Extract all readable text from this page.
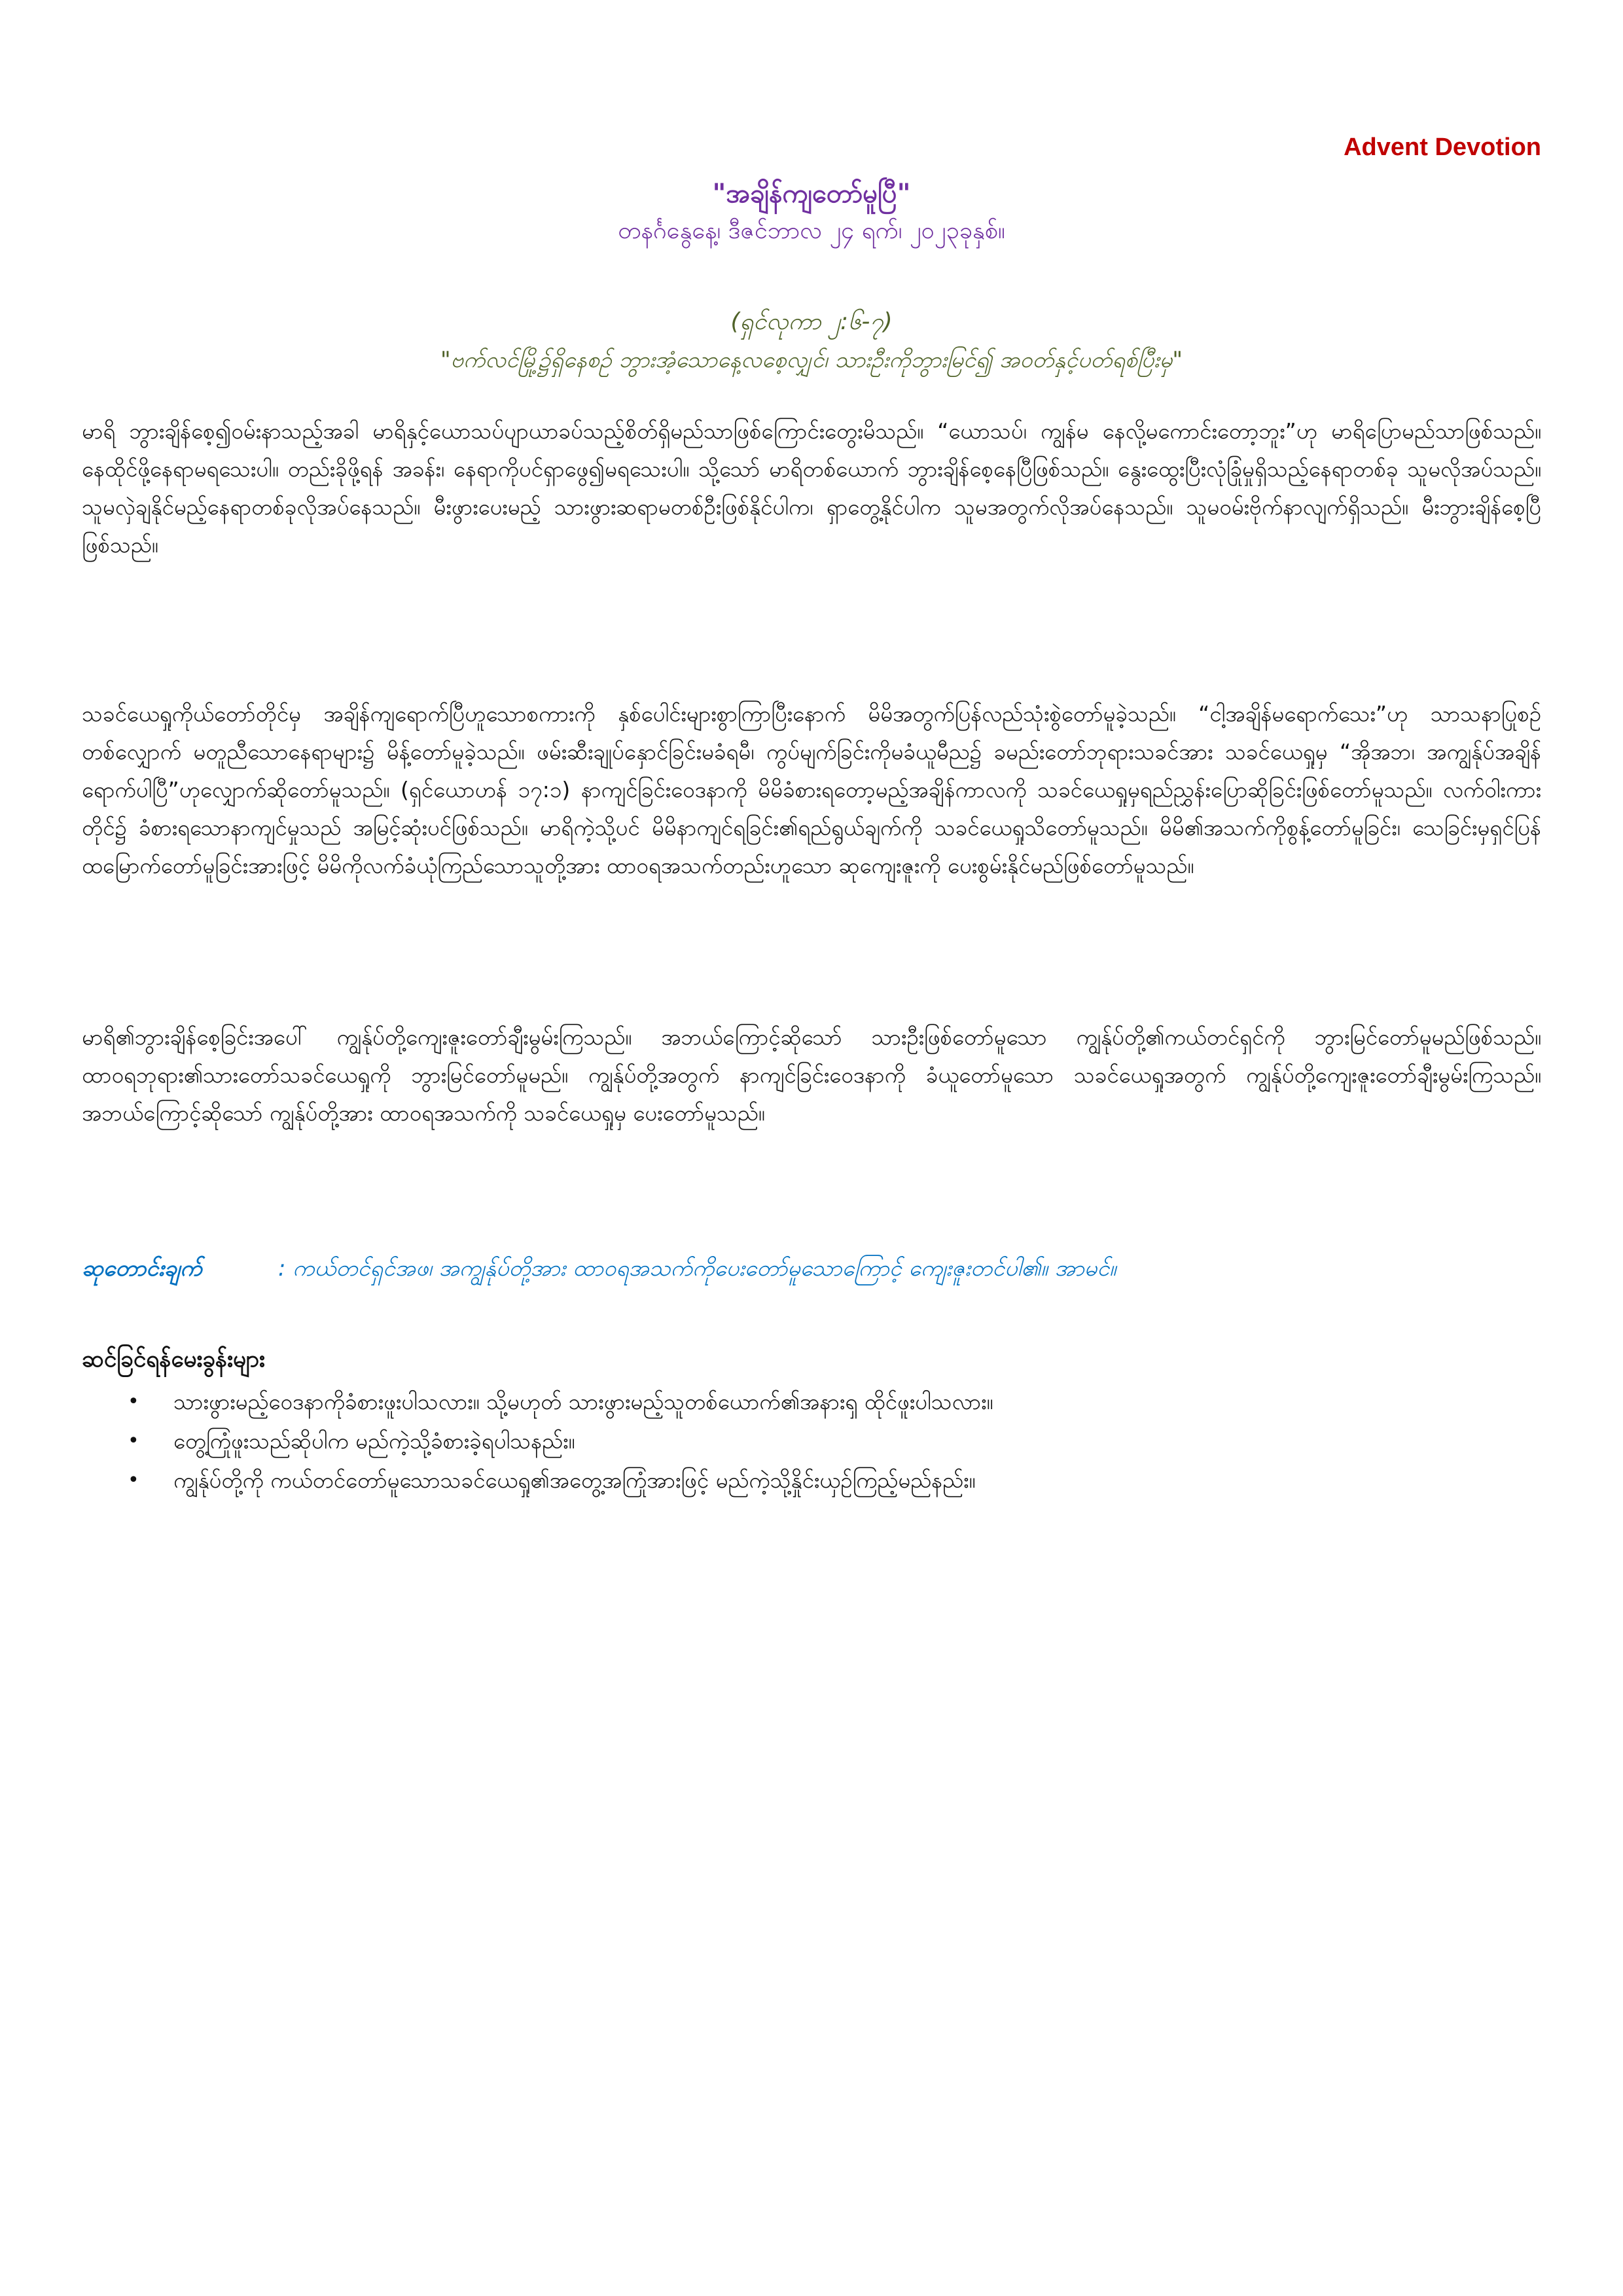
Advent Devotion
"အချိန်ကျတော်မူပြီ"
တနင်္ဂနွေနေ့၊ ဒီဇင်ဘာလ ၂၄ ရက်၊ ၂၀၂၃ခုနှစ်။
(ရှင်လုကာ ၂:၆-၇)
"ဗက်လင်မြို့၌ရှိနေစဉ် ဘွားအံ့သောနေ့လစေ့လျှင်၊ သားဦးကိုဘွားမြင်၍ အဝတ်နှင့်ပတ်ရစ်ပြီးမှ"

မာရိ ဘွားချိန်စေ့၍ဝမ်းနာသည့်အခါ မာရိနှင့်ယောသပ်ပျာယာခပ်သည့်စိတ်ရှိမည်သာဖြစ်ကြောင်းတွေးမိသည်။ “ယောသပ်၊ ကျွန်မ နေလို့မကောင်းတော့ဘူး”ဟု မာရိပြောမည်သာဖြစ်သည်။ နေထိုင်ဖို့နေရာမရသေးပါ။ တည်းခိုဖို့ရန် အခန်း၊ နေရာကိုပင်ရှာဖွေ၍မရသေးပါ။ သို့သော် မာရိတစ်ယောက် ဘွားချိန်စေ့နေပြီဖြစ်သည်။ နွေးထွေးပြီးလုံခြုံမှုရှိသည့်နေရာတစ်ခု သူမလိုအပ်သည်။ သူမလှဲချနိုင်မည့်နေရာတစ်ခုလိုအပ်နေသည်။ မီးဖွားပေးမည့် သားဖွားဆရာမတစ်ဦးဖြစ်နိုင်ပါက၊ ရှာတွေ့နိုင်ပါက သူမအတွက်လိုအပ်နေသည်။ သူမဝမ်းဗိုက်နာလျက်ရှိသည်။ မီးဘွားချိန်စေ့ပြီဖြစ်သည်။

သခင်ယေရှုကိုယ်တော်တိုင်မှ အချိန်ကျရောက်ပြီဟူသောစကားကို နှစ်ပေါင်းများစွာကြာပြီးနောက် မိမိအတွက်ပြန်လည်သုံးစွဲတော်မူခဲ့သည်။ “ငါ့အချိန်မရောက်သေး”ဟု သာသနာပြုစဉ်တစ်လျှောက် မတူညီသောနေရာများ၌ မိန့်တော်မူခဲ့သည်။ ဖမ်းဆီးချုပ်နှောင်ခြင်းမခံရမီ၊ ကွပ်မျက်ခြင်းကိုမခံယူမီည၌ ခမည်းတော်ဘုရားသခင်အား သခင်ယေရှုမှ “အိုအဘ၊ အကျွန်ုပ်အချိန်ရောက်ပါပြီ”ဟုလျှောက်ဆိုတော်မူသည်။ (ရှင်ယောဟန် ၁၇:၁) နာကျင်ခြင်းဝေဒနာကို မိမိခံစားရတော့မည့်အချိန်ကာလကို သခင်ယေရှုမှရည်ညွှန်းပြောဆိုခြင်းဖြစ်တော်မူသည်။ လက်ဝါးကားတိုင်၌ ခံစားရသောနာကျင်မှုသည် အမြင့်ဆုံးပင်ဖြစ်သည်။ မာရိကဲ့သို့ပင် မိမိနာကျင်ရခြင်း၏ရည်ရွယ်ချက်ကို သခင်ယေရှုသိတော်မူသည်။ မိမိ၏အသက်ကိုစွန့်တော်မူခြင်း၊ သေခြင်းမှရှင်ပြန်ထမြောက်တော်မူခြင်းအားဖြင့် မိမိကိုလက်ခံယုံကြည်သောသူတို့အား ထာဝရအသက်တည်းဟူသော ဆုကျေးဇူးကို ပေးစွမ်းနိုင်မည်ဖြစ်တော်မူသည်။

မာရိ၏ဘွားချိန်စေ့ခြင်းအပေါ် ကျွန်ုပ်တို့ကျေးဇူးတော်ချီးမွမ်းကြသည်။ အဘယ်ကြောင့်ဆိုသော် သားဦးဖြစ်တော်မူသော ကျွန်ုပ်တို့၏ကယ်တင်ရှင်ကို ဘွားမြင်တော်မူမည်ဖြစ်သည်။ ထာဝရဘုရား၏သားတော်သခင်ယေရှုကို ဘွားမြင်တော်မူမည်။ ကျွန်ုပ်တို့အတွက် နာကျင်ခြင်းဝေဒနာကို ခံယူတော်မူသော သခင်ယေရှုအတွက် ကျွန်ုပ်တို့ကျေးဇူးတော်ချီးမွမ်းကြသည်။ အဘယ်ကြောင့်ဆိုသော် ကျွန်ုပ်တို့အား ထာဝရအသက်ကို သခင်ယေရှုမှ ပေးတော်မူသည်။

ဆုတောင်းချက်	: ကယ်တင်ရှင်အဖ၊ အကျွန်ုပ်တို့အား ထာဝရအသက်ကိုပေးတော်မူသောကြောင့် ကျေးဇူးတင်ပါ၏။ အာမင်။
ဆင်ခြင်ရန်မေးခွန်းများ
• သားဖွားမည့်ဝေဒနာကိုခံစားဖူးပါသလား။ သို့မဟုတ် သားဖွားမည့်သူတစ်ယောက်၏အနားၡ ထိုင်ဖူးပါသလား။
• တွေ့ကြုံဖူးသည်ဆိုပါက မည်ကဲ့သို့ခံစားခဲ့ရပါသနည်း။
• ကျွန်ုပ်တို့ကို ကယ်တင်တော်မူသောသခင်ယေရှု၏အတွေ့အကြုံအားဖြင့် မည်ကဲ့သို့နှိုင်းယှဉ်ကြည့်မည်နည်း။
